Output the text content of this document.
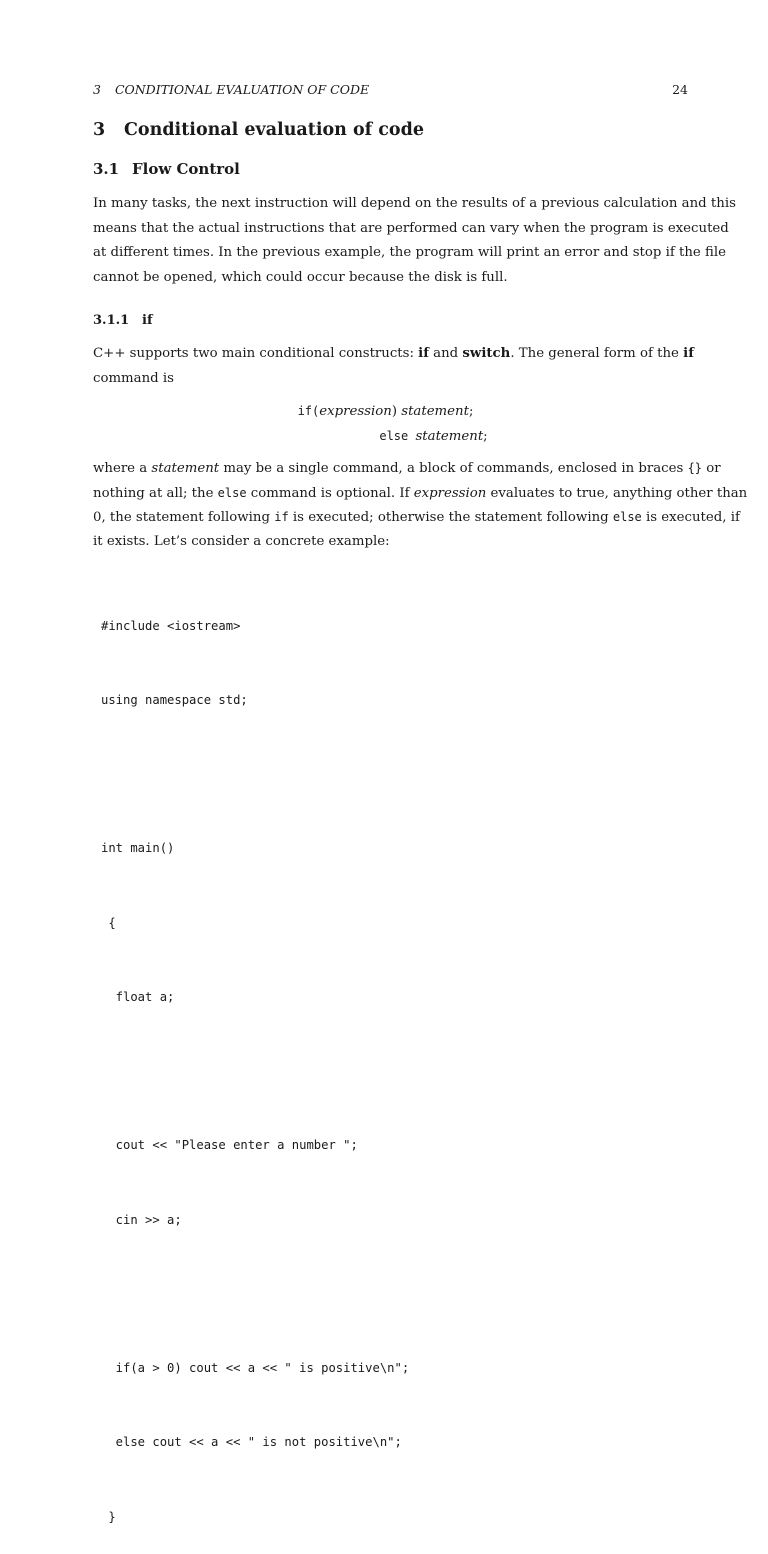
3 CONDITIONAL EVALUATION OF CODE	24
3 Conditional evaluation of code
3.1 Flow Control
In many tasks, the next instruction will depend on the results of a previous calculation and this
means that the actual instructions that are performed can vary when the program is executed
at different times. In the previous example, the program will print an error and stop if the file
cannot be opened, which could occur because the disk is full.
3.1.1 if
C++ supports two main conditional constructs: if and switch. The general form of the if
command is
if(expression) statement;
else statement;
where a statement may be a single command, a block of commands, enclosed in braces {} or
nothing at all; the else command is optional. If expression evaluates to true, anything other than
0, the statement following if is executed; otherwise the statement following else is executed, if
it exists. Let’s consider a concrete example:

#include <iostream>

using namespace std;

int main()

{

float a;

cout << "Please enter a number ";

cin >> a;

if(a > 0) cout << a << " is positive\n";

else cout << a << " is not positive\n";

}
